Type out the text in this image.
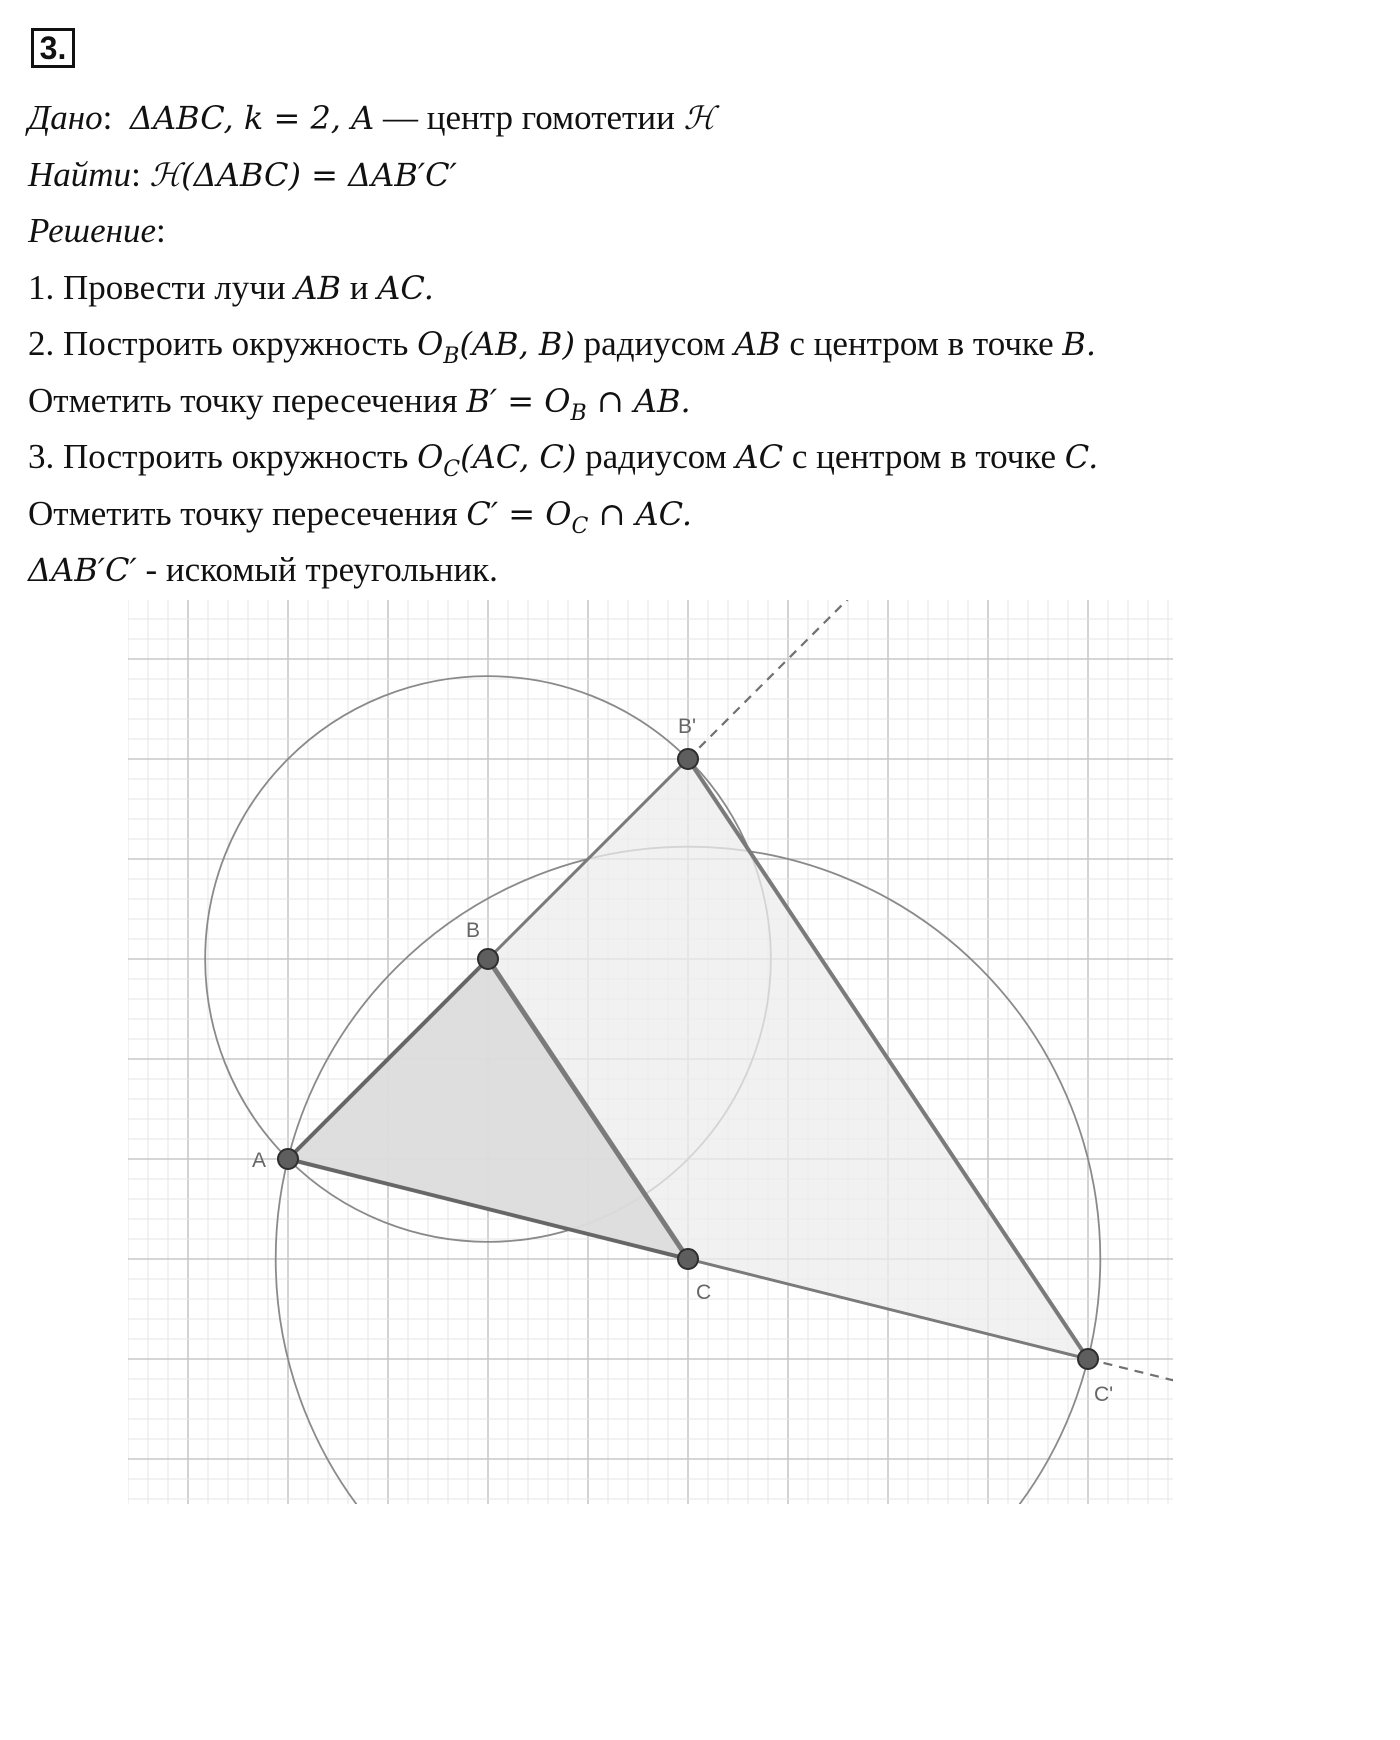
3.
Дано:  ΔABC, k = 2, A — центр гомотетии ℋ
Найти: ℋ(ΔABC) = ΔAB′C′
Решение:
1. Провести лучи AB и AC.
2. Построить окружность $O_B(AB$, B) радиусом AB с центром в точке B.
Отметить точку пересечения $B' = O_B$ ∩ AB.
3. Построить окружность $O_C(AC$, C) радиусом AC с центром в точке C.
Отметить точку пересечения $C' = O_C$ ∩ AC.
ΔAB′C′ - искомый треугольник.
A
B
C
B'
C'
